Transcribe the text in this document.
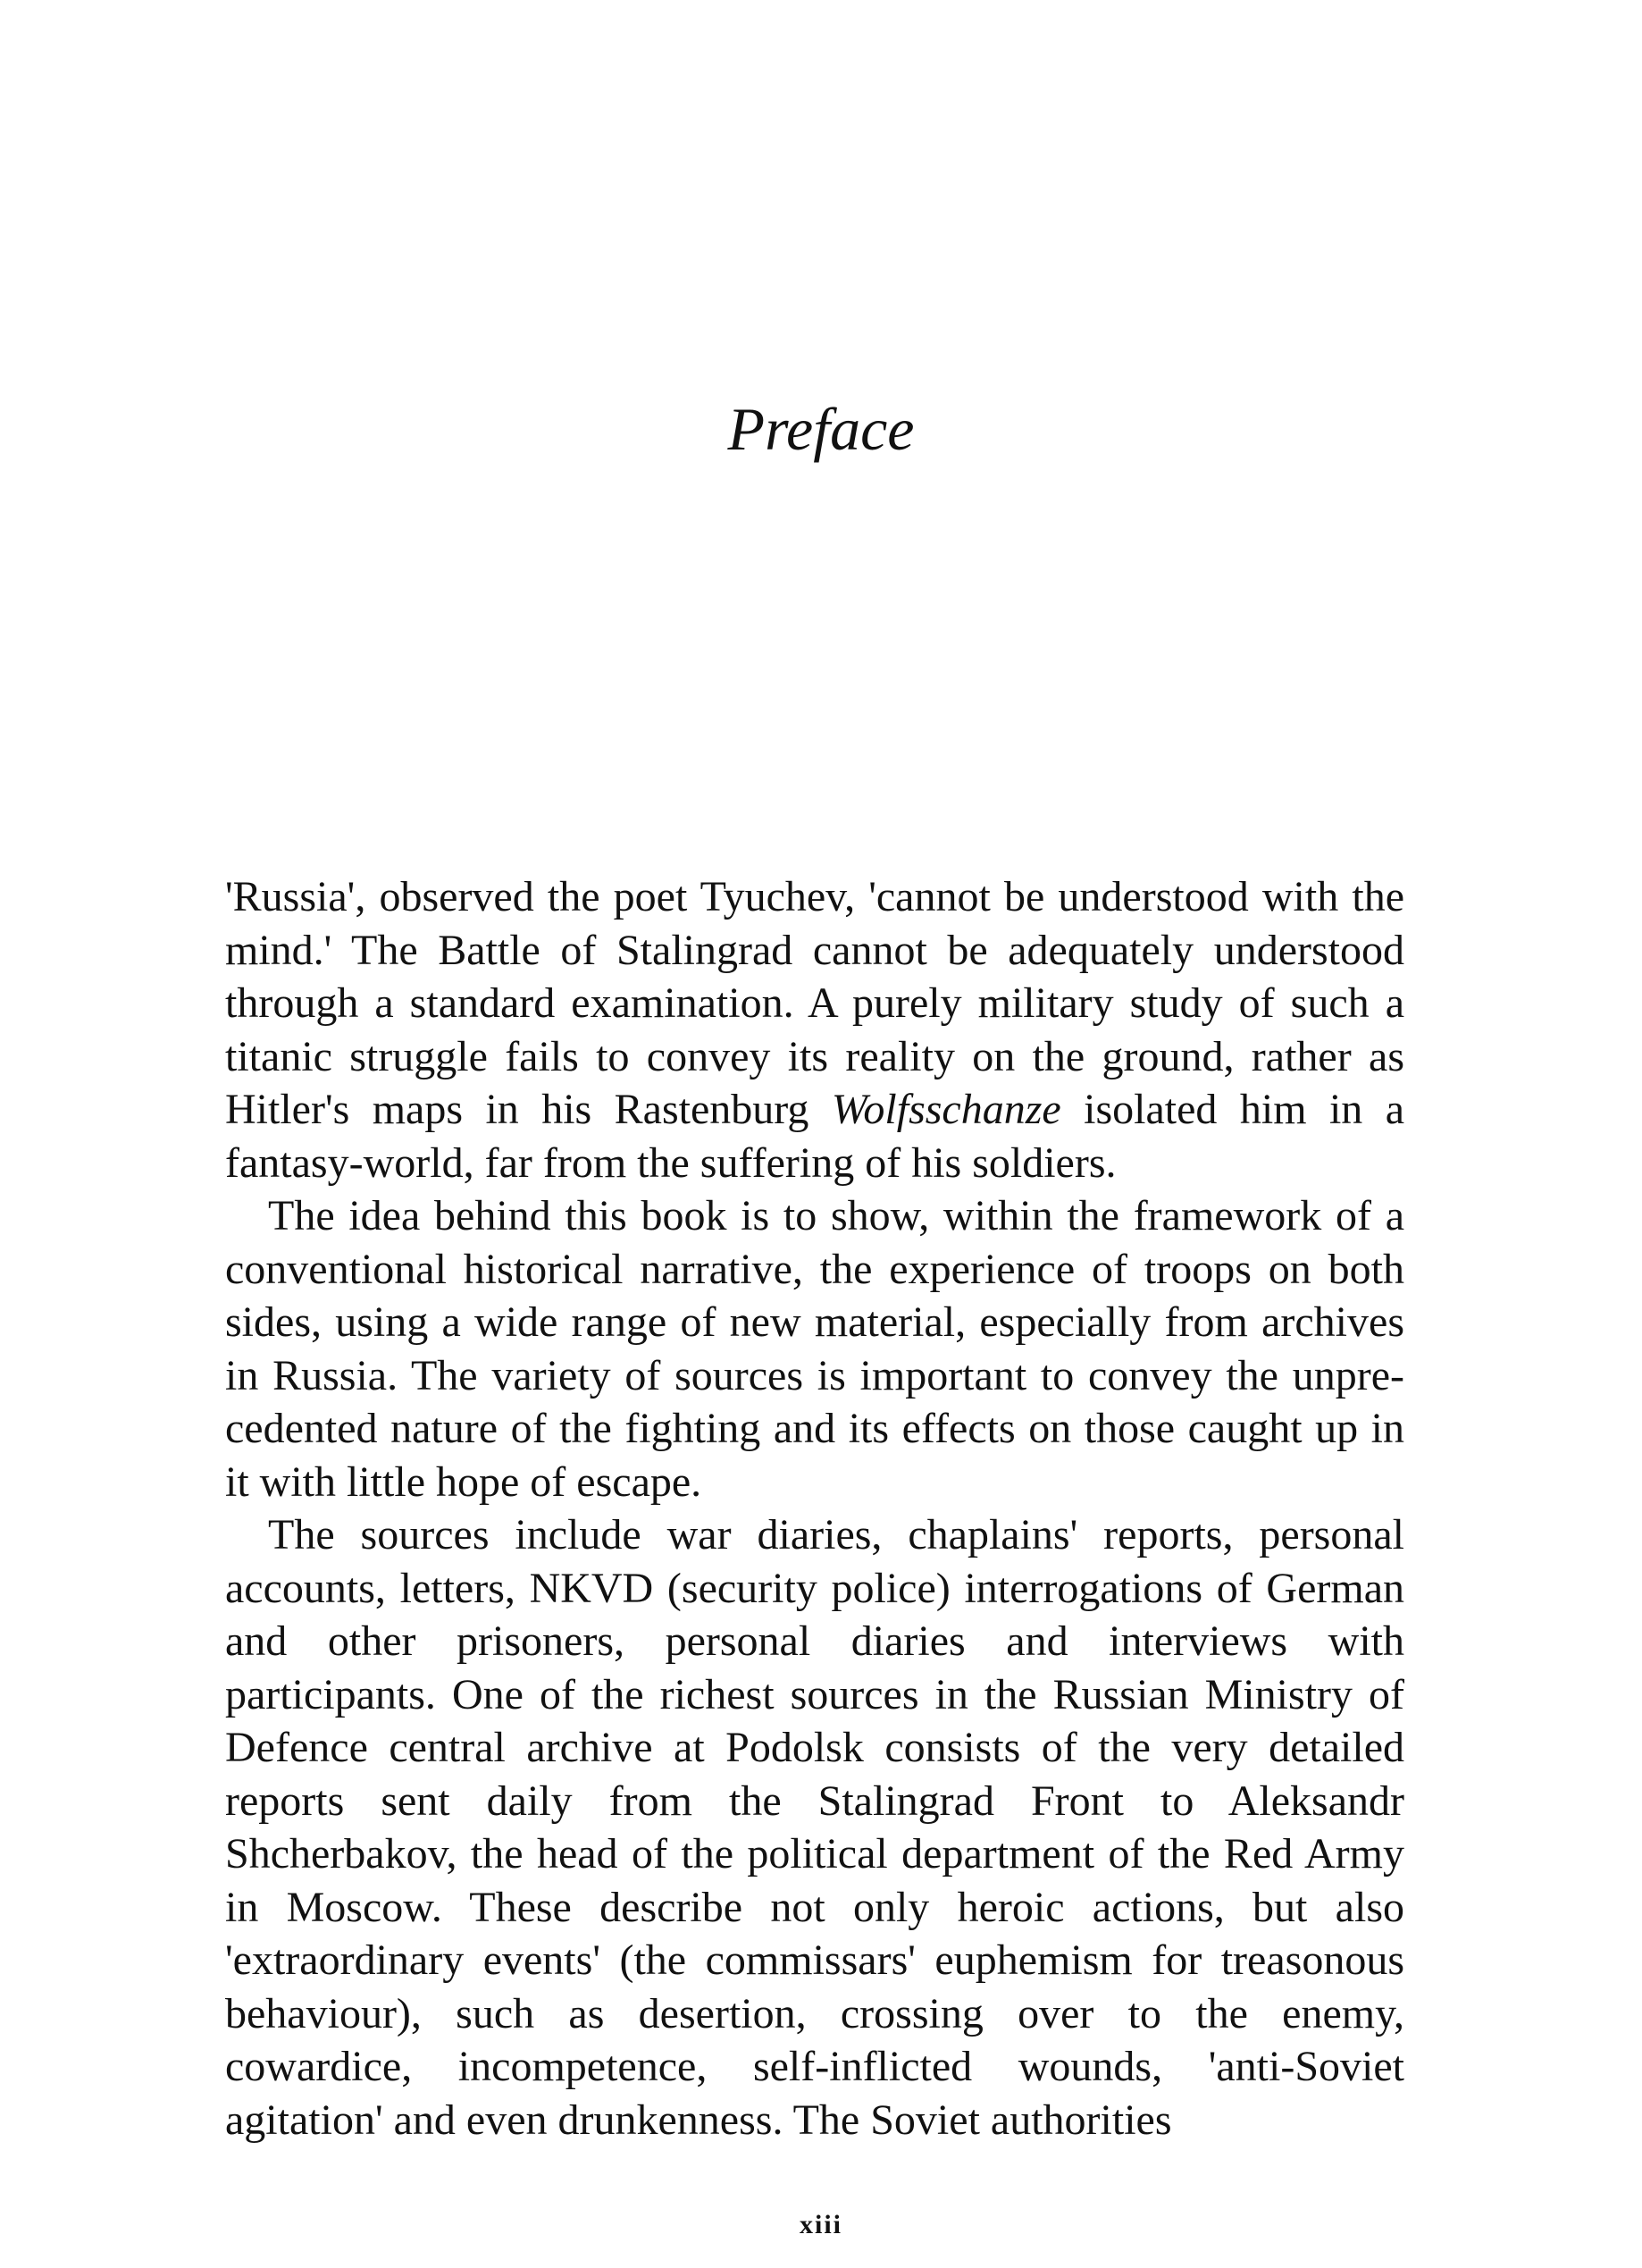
Preface

'Russia', observed the poet Tyuchev, 'cannot be understood with the mind.' The Battle of Stalingrad cannot be adequately understood through a standard examination. A purely military study of such a titanic struggle fails to convey its reality on the ground, rather as Hitler's maps in his Rastenburg Wolfsschanze isolated him in a fantasy-world, far from the suffering of his soldiers.

The idea behind this book is to show, within the framework of a conventional historical narrative, the experience of troops on both sides, using a wide range of new material, especially from archives in Russia. The variety of sources is important to convey the unpre-cedented nature of the fighting and its effects on those caught up in it with little hope of escape.

The sources include war diaries, chaplains' reports, personal accounts, letters, NKVD (security police) interrogations of German and other prisoners, personal diaries and interviews with participants. One of the richest sources in the Russian Ministry of Defence central archive at Podolsk consists of the very detailed reports sent daily from the Stalingrad Front to Aleksandr Shcherbakov, the head of the political department of the Red Army in Moscow. These describe not only heroic actions, but also 'extraordinary events' (the commissars' euphemism for treasonous behaviour), such as desertion, crossing over to the enemy, cowardice, incompetence, self-inflicted wounds, 'anti-Soviet agitation' and even drunkenness. The Soviet authorities

xiii
